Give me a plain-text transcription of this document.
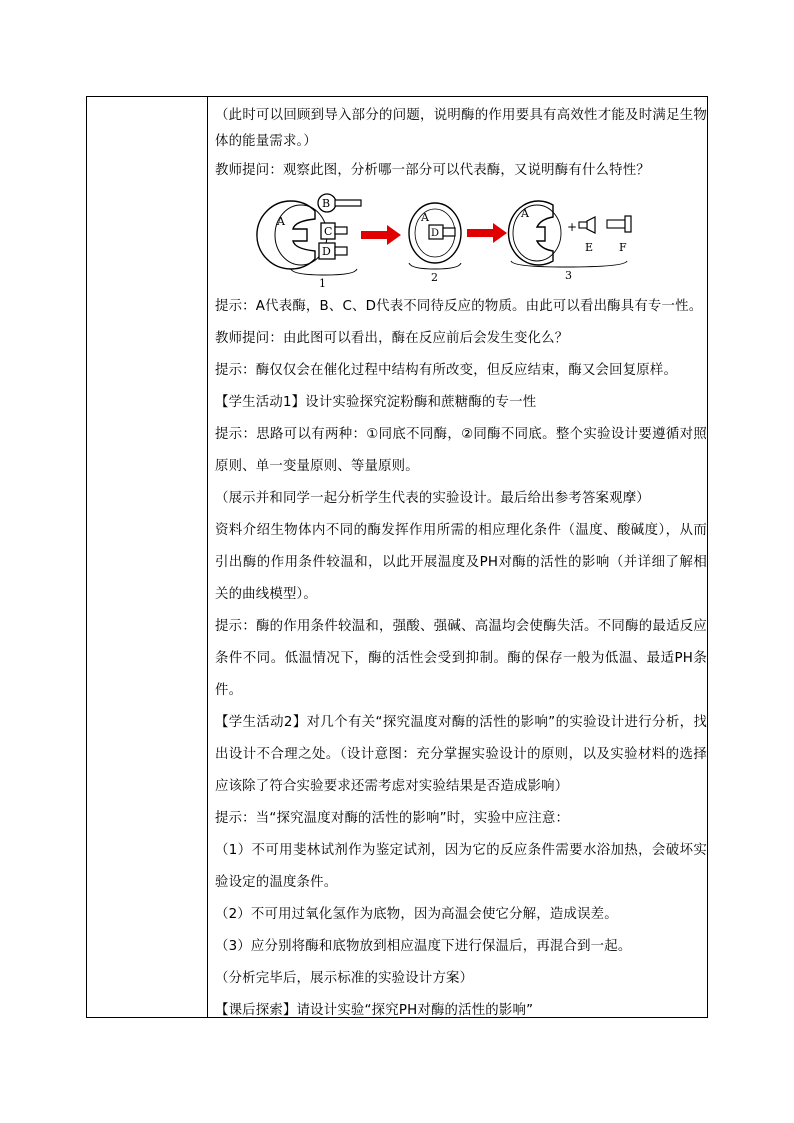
（此时可以回顾到导入部分的问题，说明酶的作用要具有高效性才能及时满足生物体的能量需求。）

教师提问：观察此图，分析哪一部分可以代表酶，又说明酶有什么特性？

A
B
C
D
1
A
D
2
A
+
E F
3

提示：A代表酶，B、C、D代表不同待反应的物质。由此可以看出酶具有专一性。

教师提问：由此图可以看出，酶在反应前后会发生变化么？

提示：酶仅仅会在催化过程中结构有所改变，但反应结束，酶又会回复原样。

【学生活动1】设计实验探究淀粉酶和蔗糖酶的专一性

提示：思路可以有两种：①同底不同酶，②同酶不同底。整个实验设计要遵循对照原则、单一变量原则、等量原则。

（展示并和同学一起分析学生代表的实验设计。最后给出参考答案观摩）

资料介绍生物体内不同的酶发挥作用所需的相应理化条件（温度、酸碱度），从而引出酶的作用条件较温和，以此开展温度及PH对酶的活性的影响（并详细了解相关的曲线模型）。

提示：酶的作用条件较温和，强酸、强碱、高温均会使酶失活。不同酶的最适反应条件不同。低温情况下，酶的活性会受到抑制。酶的保存一般为低温、最适PH条件。

【学生活动2】对几个有关“探究温度对酶的活性的影响”的实验设计进行分析，找出设计不合理之处。（设计意图：充分掌握实验设计的原则，以及实验材料的选择应该除了符合实验要求还需考虑对实验结果是否造成影响）

提示：当“探究温度对酶的活性的影响”时，实验中应注意：

（1）不可用斐林试剂作为鉴定试剂，因为它的反应条件需要水浴加热，会破坏实验设定的温度条件。

（2）不可用过氧化氢作为底物，因为高温会使它分解，造成误差。

（3）应分别将酶和底物放到相应温度下进行保温后，再混合到一起。

（分析完毕后，展示标准的实验设计方案）

【课后探索】请设计实验“探究PH对酶的活性的影响”
